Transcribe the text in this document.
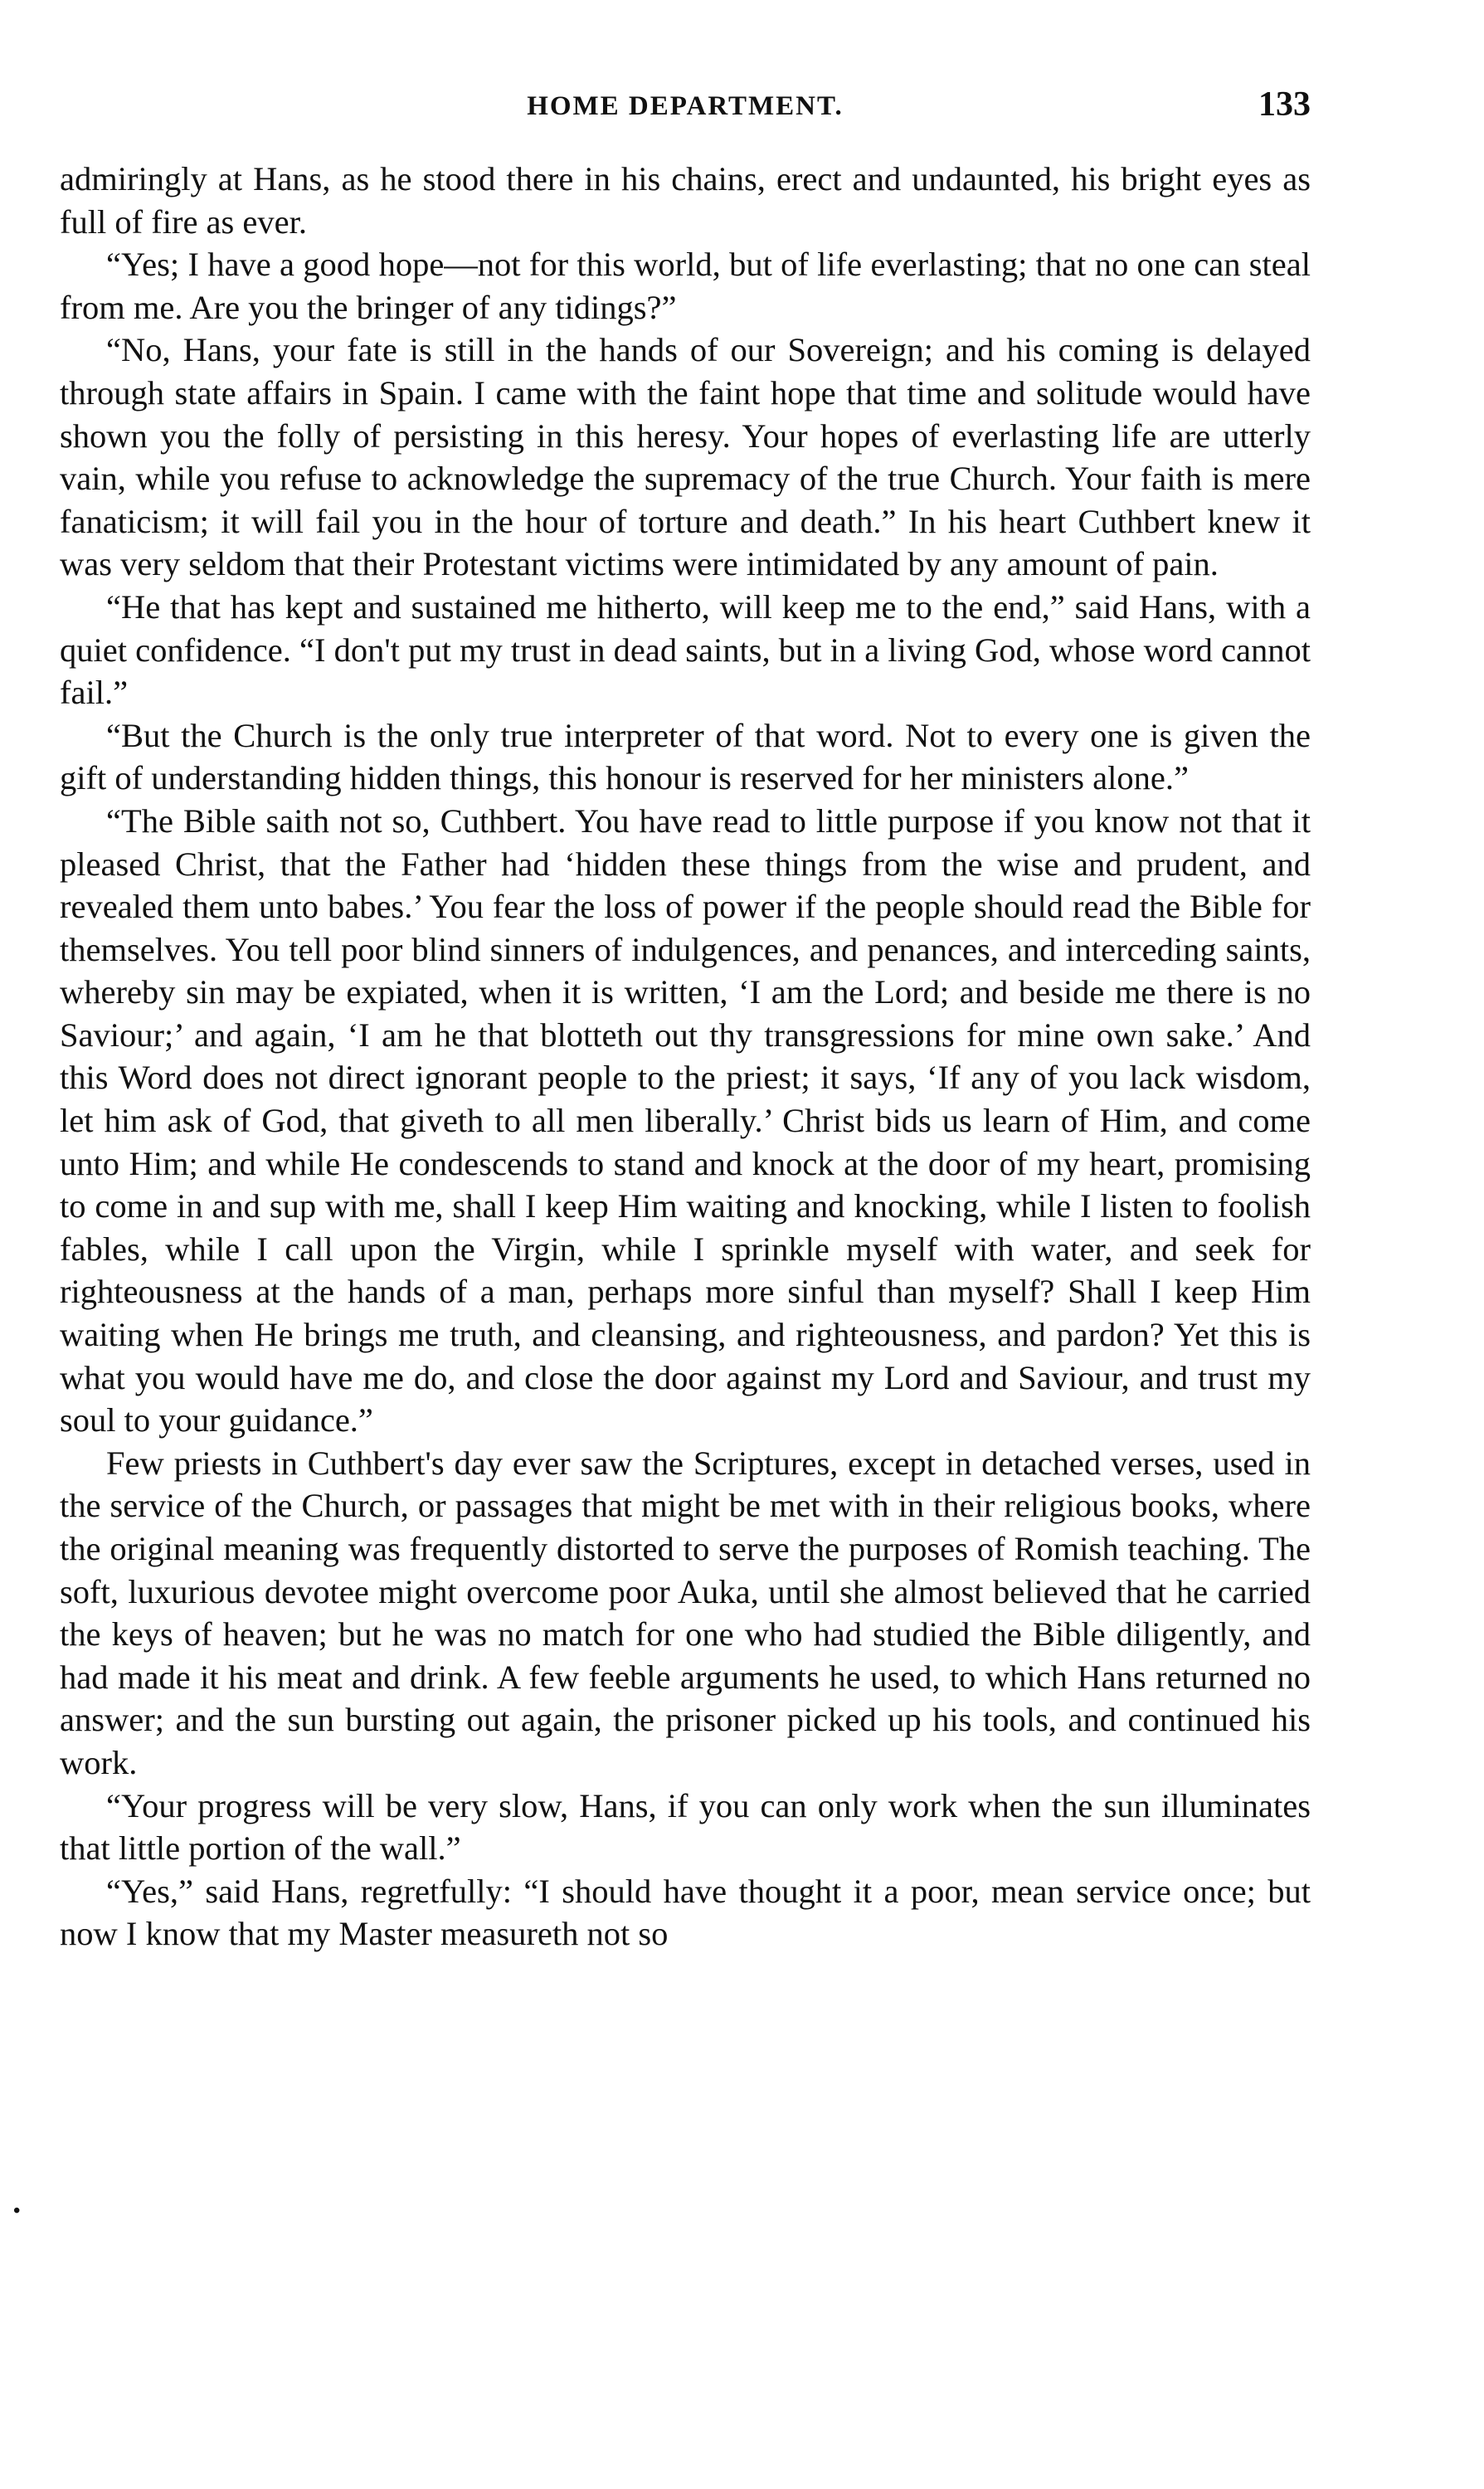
HOME DEPARTMENT.	133

admiringly at Hans, as he stood there in his chains, erect and undaunted, his bright eyes as full of fire as ever.

“Yes; I have a good hope—not for this world, but of life everlasting; that no one can steal from me. Are you the bringer of any tidings?”

“No, Hans, your fate is still in the hands of our Sovereign; and his coming is delayed through state affairs in Spain. I came with the faint hope that time and solitude would have shown you the folly of persisting in this heresy. Your hopes of everlasting life are utterly vain, while you refuse to acknowledge the supremacy of the true Church. Your faith is mere fanaticism; it will fail you in the hour of torture and death.” In his heart Cuthbert knew it was very seldom that their Protestant victims were intimidated by any amount of pain.

“He that has kept and sustained me hitherto, will keep me to the end,” said Hans, with a quiet confidence. “I don't put my trust in dead saints, but in a living God, whose word cannot fail.”

“But the Church is the only true interpreter of that word. Not to every one is given the gift of understanding hidden things, this honour is reserved for her ministers alone.”

“The Bible saith not so, Cuthbert. You have read to little purpose if you know not that it pleased Christ, that the Father had ‘hidden these things from the wise and prudent, and revealed them unto babes.’ You fear the loss of power if the people should read the Bible for themselves. You tell poor blind sinners of indulgences, and penances, and interceding saints, whereby sin may be expiated, when it is written, ‘I am the Lord; and beside me there is no Saviour;’ and again, ‘I am he that blotteth out thy transgressions for mine own sake.’ And this Word does not direct ignorant people to the priest; it says, ‘If any of you lack wisdom, let him ask of God, that giveth to all men liberally.’ Christ bids us learn of Him, and come unto Him; and while He condescends to stand and knock at the door of my heart, promising to come in and sup with me, shall I keep Him waiting and knocking, while I listen to foolish fables, while I call upon the Virgin, while I sprinkle myself with water, and seek for righteousness at the hands of a man, perhaps more sinful than myself? Shall I keep Him waiting when He brings me truth, and cleansing, and righteousness, and pardon? Yet this is what you would have me do, and close the door against my Lord and Saviour, and trust my soul to your guidance.”

Few priests in Cuthbert's day ever saw the Scriptures, except in detached verses, used in the service of the Church, or passages that might be met with in their religious books, where the original meaning was frequently distorted to serve the purposes of Romish teaching. The soft, luxurious devotee might overcome poor Auka, until she almost believed that he carried the keys of heaven; but he was no match for one who had studied the Bible diligently, and had made it his meat and drink. A few feeble arguments he used, to which Hans returned no answer; and the sun bursting out again, the prisoner picked up his tools, and continued his work.

“Your progress will be very slow, Hans, if you can only work when the sun illuminates that little portion of the wall.”

“Yes,” said Hans, regretfully: “I should have thought it a poor, mean service once; but now I know that my Master measureth not so

•
